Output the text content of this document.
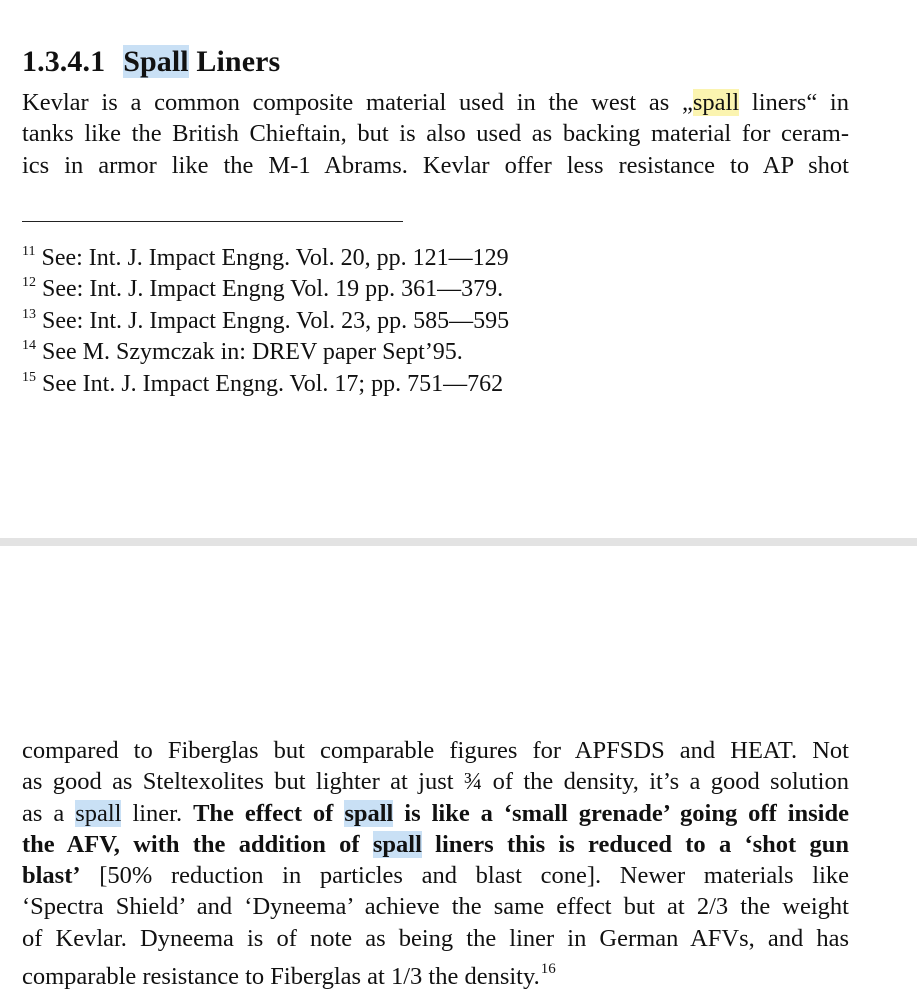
1.3.4.1 Spall Liners
Kevlar is a common composite material used in the west as „spall liners“ in
tanks like the British Chieftain, but is also used as backing material for ceram-
ics in armor like the M-1 Abrams. Kevlar offer less resistance to AP shot
$^{11}$ See: Int. J. Impact Engng. Vol. 20, pp. 121—129
$^{12}$ See: Int. J. Impact Engng Vol. 19 pp. 361—379.
$^{13}$ See: Int. J. Impact Engng. Vol. 23, pp. 585—595
$^{14}$ See M. Szymczak in: DREV paper Sept’95.
$^{15}$ See Int. J. Impact Engng. Vol. 17; pp. 751—762
compared to Fiberglas but comparable figures for APFSDS and HEAT. Not
as good as Steltexolites but lighter at just ¾ of the density, it’s a good solution
as a spall liner. The effect of spall is like a ‘small grenade’ going off inside
the AFV, with the addition of spall liners this is reduced to a ‘shot gun
blast’ [50% reduction in particles and blast cone]. Newer materials like
‘Spectra Shield’ and ‘Dyneema’ achieve the same effect but at 2/3 the weight
of Kevlar. Dyneema is of note as being the liner in German AFVs, and has
comparable resistance to Fiberglas at 1/3 the density.$^{16}$
